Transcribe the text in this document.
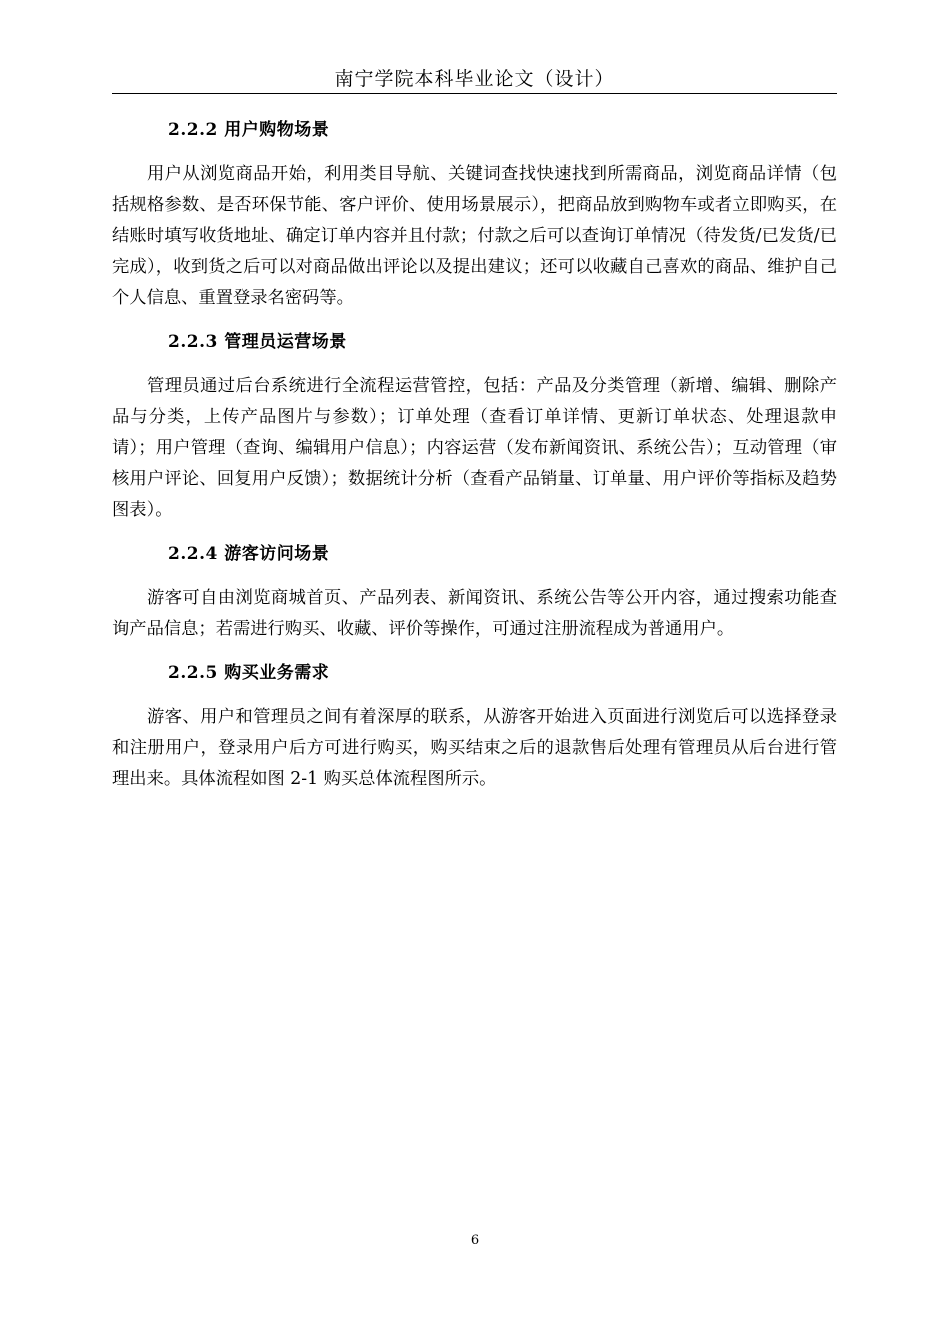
南宁学院本科毕业论文（设计）
2.2.2 用户购物场景

用户从浏览商品开始，利用类目导航、关键词查找快速找到所需商品，浏览商品详情（包括规格参数、是否环保节能、客户评价、使用场景展示），把商品放到购物车或者立即购买，在结账时填写收货地址、确定订单内容并且付款；付款之后可以查询订单情况（待发货/已发货/已完成），收到货之后可以对商品做出评论以及提出建议；还可以收藏自己喜欢的商品、维护自己个人信息、重置登录名密码等。

2.2.3 管理员运营场景

管理员通过后台系统进行全流程运营管控，包括：产品及分类管理（新增、编辑、删除产品与分类，上传产品图片与参数）；订单处理（查看订单详情、更新订单状态、处理退款申请）；用户管理（查询、编辑用户信息）；内容运营（发布新闻资讯、系统公告）；互动管理（审核用户评论、回复用户反馈）；数据统计分析（查看产品销量、订单量、用户评价等指标及趋势图表）。

2.2.4 游客访问场景

游客可自由浏览商城首页、产品列表、新闻资讯、系统公告等公开内容，通过搜索功能查询产品信息；若需进行购买、收藏、评价等操作，可通过注册流程成为普通用户。

2.2.5 购买业务需求

游客、用户和管理员之间有着深厚的联系，从游客开始进入页面进行浏览后可以选择登录和注册用户，登录用户后方可进行购买，购买结束之后的退款售后处理有管理员从后台进行管理出来。具体流程如图 2-1 购买总体流程图所示。

6
